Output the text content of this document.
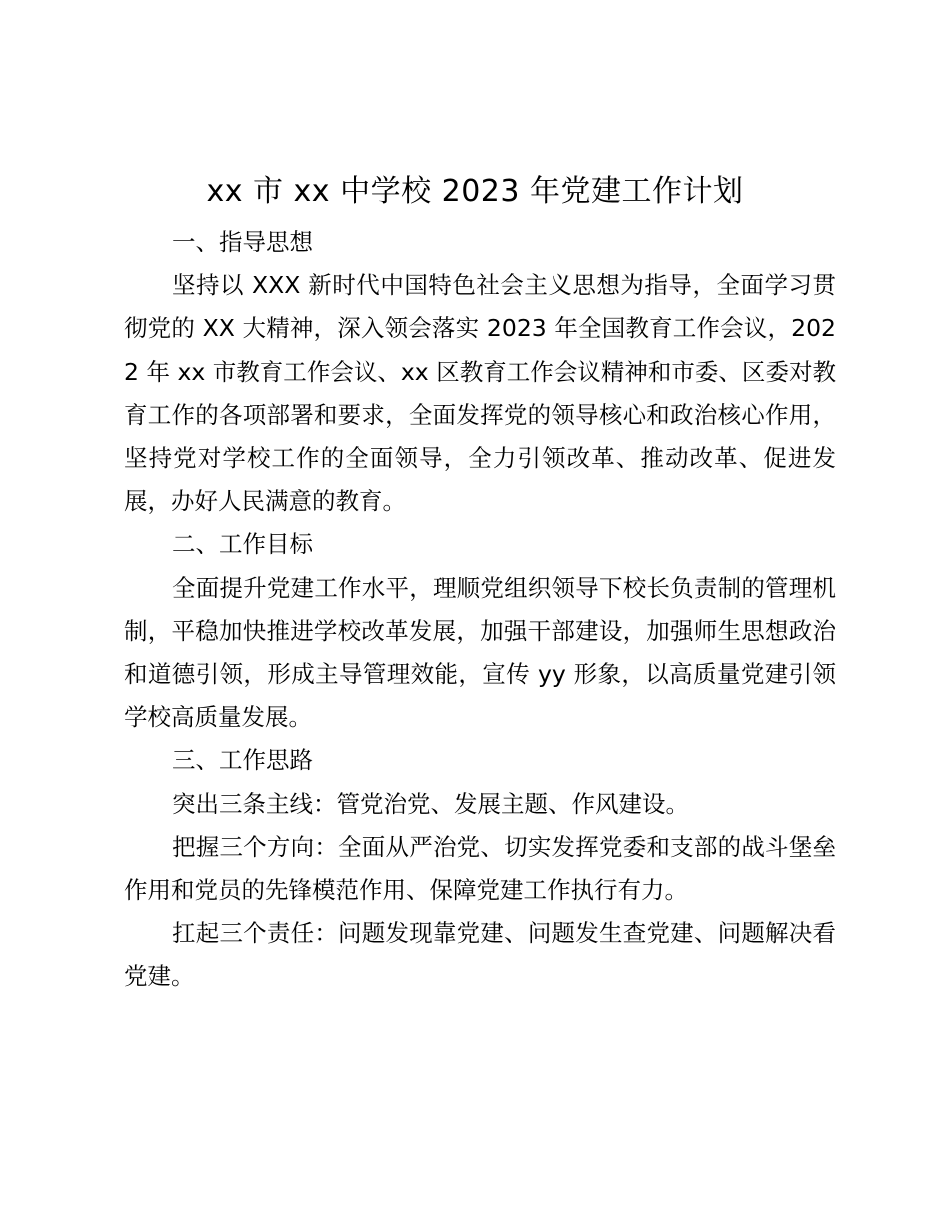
xx 市 xx 中学校 2023 年党建工作计划

一、指导思想

坚持以 XXX 新时代中国特色社会主义思想为指导，全面学习贯彻党的 XX 大精神，深入领会落实 2023 年全国教育工作会议，2022 年 xx 市教育工作会议、xx 区教育工作会议精神和市委、区委对教育工作的各项部署和要求，全面发挥党的领导核心和政治核心作用，坚持党对学校工作的全面领导，全力引领改革、推动改革、促进发展，办好人民满意的教育。

二、工作目标

全面提升党建工作水平，理顺党组织领导下校长负责制的管理机制，平稳加快推进学校改革发展，加强干部建设，加强师生思想政治和道德引领，形成主导管理效能，宣传 yy 形象，以高质量党建引领学校高质量发展。

三、工作思路

突出三条主线：管党治党、发展主题、作风建设。

把握三个方向：全面从严治党、切实发挥党委和支部的战斗堡垒作用和党员的先锋模范作用、保障党建工作执行有力。

扛起三个责任：问题发现靠党建、问题发生查党建、问题解决看党建。
